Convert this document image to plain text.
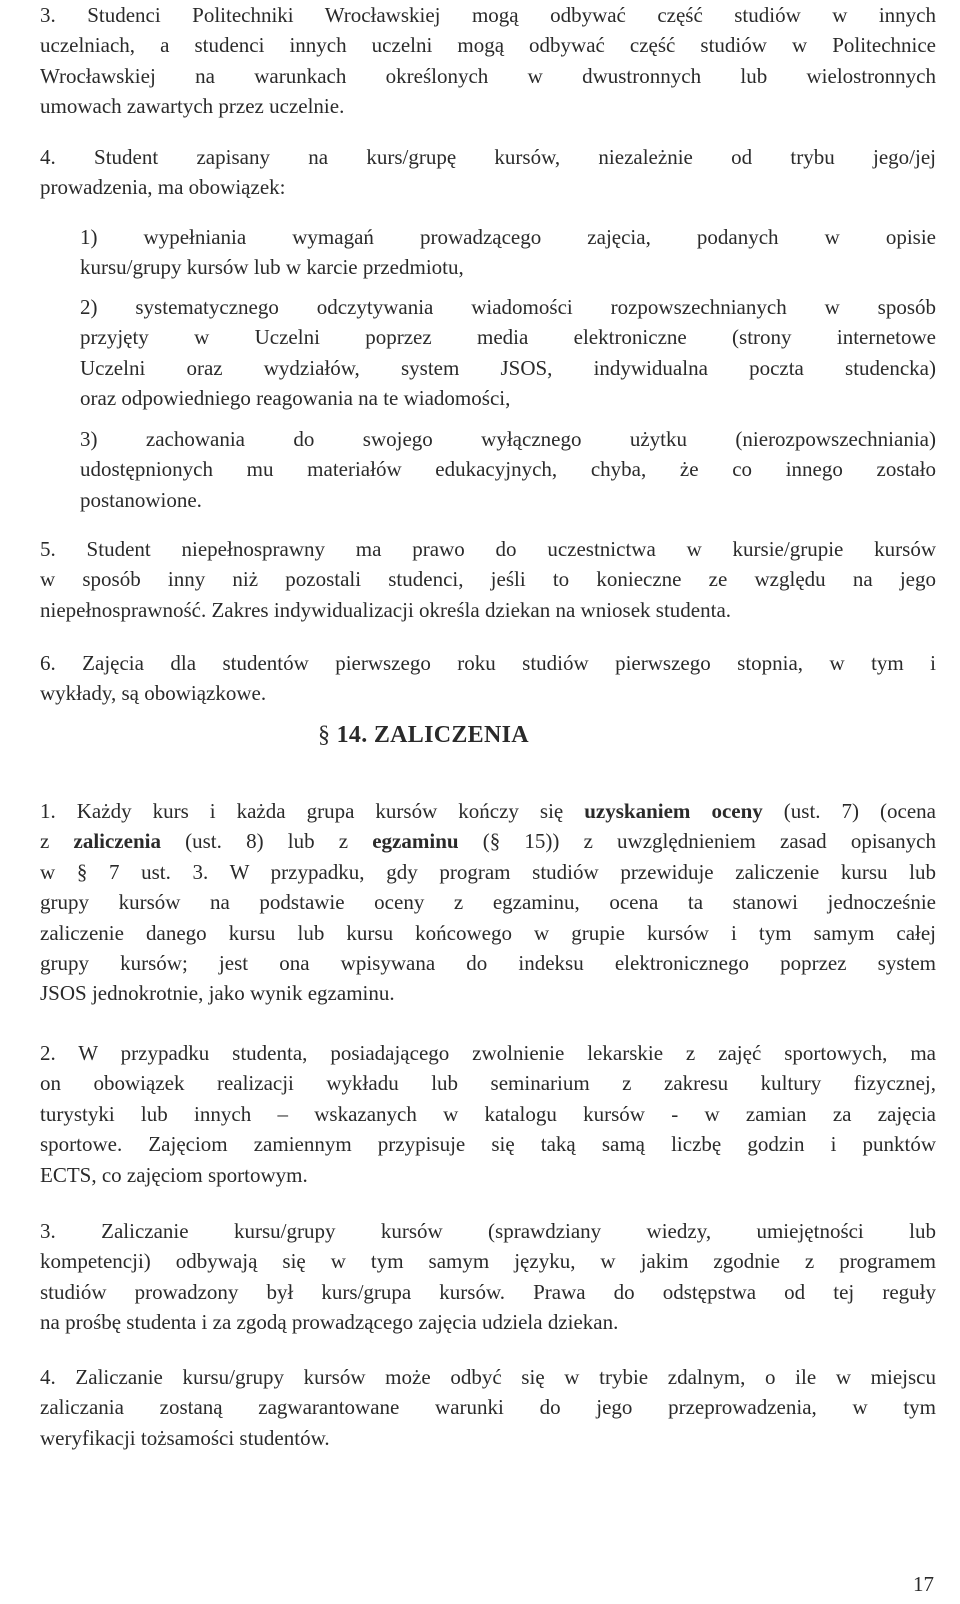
3. Studenci Politechniki Wrocławskiej mogą odbywać część studiów w innych
uczelniach, a studenci innych uczelni mogą odbywać część studiów w Politechnice
Wrocławskiej na warunkach określonych w dwustronnych lub wielostronnych
umowach zawartych przez uczelnie.
4. Student zapisany na kurs/grupę kursów, niezależnie od trybu jego/jej
prowadzenia, ma obowiązek:
1) wypełniania wymagań prowadzącego zajęcia, podanych w opisie
kursu/grupy kursów lub w karcie przedmiotu,
2) systematycznego odczytywania wiadomości rozpowszechnianych w sposób
przyjęty w Uczelni poprzez media elektroniczne (strony internetowe
Uczelni oraz wydziałów, system JSOS, indywidualna poczta studencka)
oraz odpowiedniego reagowania na te wiadomości,
3) zachowania do swojego wyłącznego użytku (nierozpowszechniania)
udostępnionych mu materiałów edukacyjnych, chyba, że co innego zostało
postanowione.
5. Student niepełnosprawny ma prawo do uczestnictwa w kursie/grupie kursów
w sposób inny niż pozostali studenci, jeśli to konieczne ze względu na jego
niepełnosprawność. Zakres indywidualizacji określa dziekan na wniosek studenta.
6. Zajęcia dla studentów pierwszego roku studiów pierwszego stopnia, w tym i
wykłady, są obowiązkowe.
§ 14. ZALICZENIA
1. Każdy kurs i każda grupa kursów kończy się uzyskaniem oceny (ust. 7) (ocena
z zaliczenia (ust. 8) lub z egzaminu (§ 15)) z uwzględnieniem zasad opisanych
w § 7 ust. 3. W przypadku, gdy program studiów przewiduje zaliczenie kursu lub
grupy kursów na podstawie oceny z egzaminu, ocena ta stanowi jednocześnie
zaliczenie danego kursu lub kursu końcowego w grupie kursów i tym samym całej
grupy kursów; jest ona wpisywana do indeksu elektronicznego poprzez system
JSOS jednokrotnie, jako wynik egzaminu.
2. W przypadku studenta, posiadającego zwolnienie lekarskie z zajęć sportowych, ma
on obowiązek realizacji wykładu lub seminarium z zakresu kultury fizycznej,
turystyki lub innych – wskazanych w katalogu kursów - w zamian za zajęcia
sportowe. Zajęciom zamiennym przypisuje się taką samą liczbę godzin i punktów
ECTS, co zajęciom sportowym.
3. Zaliczanie kursu/grupy kursów (sprawdziany wiedzy, umiejętności lub
kompetencji) odbywają się w tym samym języku, w jakim zgodnie z programem
studiów prowadzony był kurs/grupa kursów. Prawa do odstępstwa od tej reguły
na prośbę studenta i za zgodą prowadzącego zajęcia udziela dziekan.
4. Zaliczanie kursu/grupy kursów może odbyć się w trybie zdalnym, o ile w miejscu
zaliczania zostaną zagwarantowane warunki do jego przeprowadzenia, w tym
weryfikacji tożsamości studentów.
17
